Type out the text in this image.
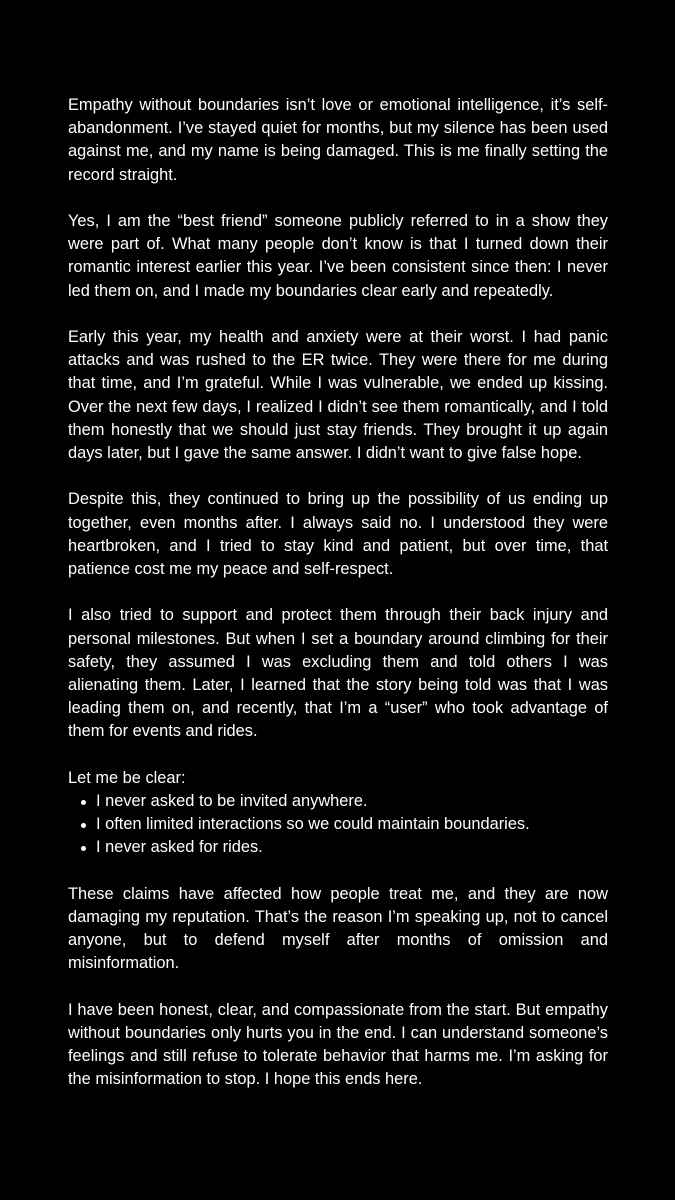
Empathy without boundaries isn’t love or emotional intelligence, it’s self-abandonment. I’ve stayed quiet for months, but my silence has been used against me, and my name is being damaged. This is me finally setting the record straight.

Yes, I am the “best friend” someone publicly referred to in a show they were part of. What many people don’t know is that I turned down their romantic interest earlier this year. I’ve been consistent since then: I never led them on, and I made my boundaries clear early and repeatedly.

Early this year, my health and anxiety were at their worst. I had panic attacks and was rushed to the ER twice. They were there for me during that time, and I’m grateful. While I was vulnerable, we ended up kissing. Over the next few days, I realized I didn’t see them romantically, and I told them honestly that we should just stay friends. They brought it up again days later, but I gave the same answer. I didn’t want to give false hope.

Despite this, they continued to bring up the possibility of us ending up together, even months after. I always said no. I understood they were heartbroken, and I tried to stay kind and patient, but over time, that patience cost me my peace and self-respect.

I also tried to support and protect them through their back injury and personal milestones. But when I set a boundary around climbing for their safety, they assumed I was excluding them and told others I was alienating them. Later, I learned that the story being told was that I was leading them on, and recently, that I’m a “user” who took advantage of them for events and rides.

Let me be clear:

I never asked to be invited anywhere.
I often limited interactions so we could maintain boundaries.
I never asked for rides.

These claims have affected how people treat me, and they are now damaging my reputation. That’s the reason I’m speaking up, not to cancel anyone, but to defend myself after months of omission and misinformation.

I have been honest, clear, and compassionate from the start. But empathy without boundaries only hurts you in the end. I can understand someone’s feelings and still refuse to tolerate behavior that harms me. I’m asking for the misinformation to stop. I hope this ends here.
